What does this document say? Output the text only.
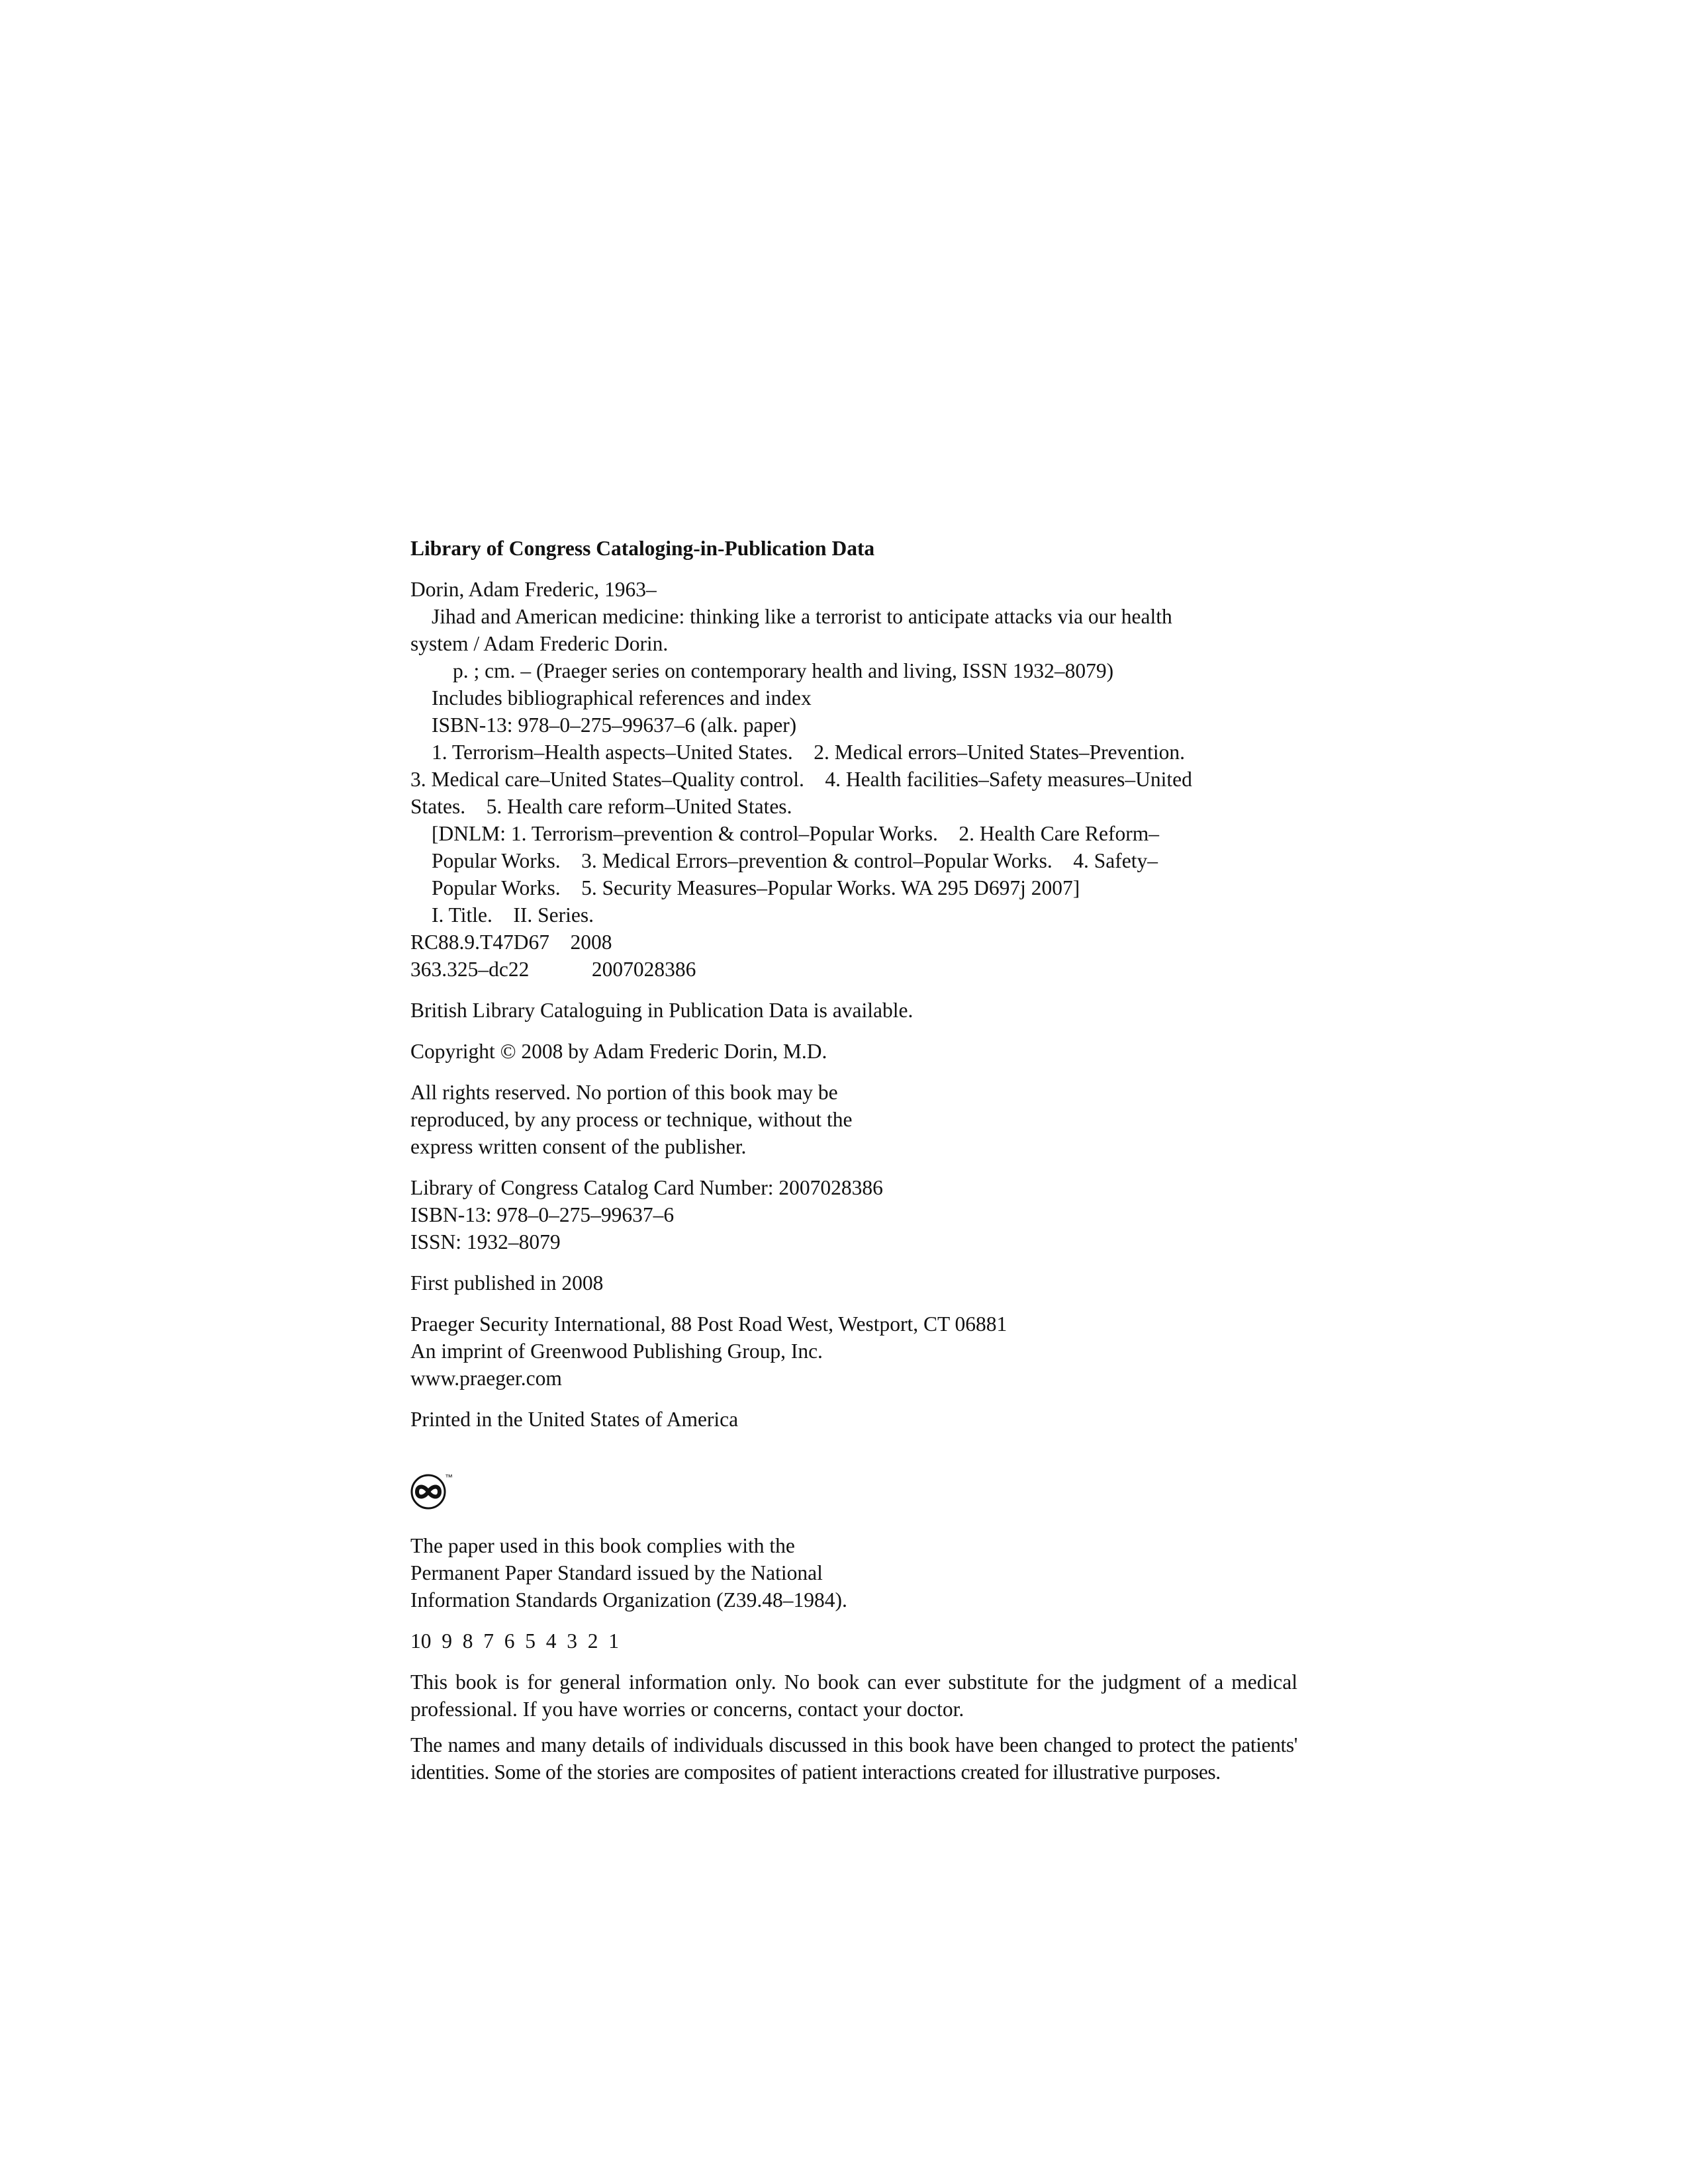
Library of Congress Cataloging-in-Publication Data
Dorin, Adam Frederic, 1963–
Jihad and American medicine: thinking like a terrorist to anticipate attacks via our health
system / Adam Frederic Dorin.
p. ; cm. – (Praeger series on contemporary health and living, ISSN 1932–8079)
Includes bibliographical references and index
ISBN-13: 978–0–275–99637–6 (alk. paper)
1. Terrorism–Health aspects–United States.    2. Medical errors–United States–Prevention.
3. Medical care–United States–Quality control.    4. Health facilities–Safety measures–United
States.    5. Health care reform–United States.
[DNLM: 1. Terrorism–prevention & control–Popular Works.    2. Health Care Reform–
Popular Works.    3. Medical Errors–prevention & control–Popular Works.    4. Safety–
Popular Works.    5. Security Measures–Popular Works. WA 295 D697j 2007]
I. Title.    II. Series.
RC88.9.T47D67    2008
363.325–dc22            2007028386
British Library Cataloguing in Publication Data is available.
Copyright © 2008 by Adam Frederic Dorin, M.D.
All rights reserved. No portion of this book may be
reproduced, by any process or technique, without the
express written consent of the publisher.
Library of Congress Catalog Card Number: 2007028386
ISBN-13: 978–0–275–99637–6
ISSN: 1932–8079
First published in 2008
Praeger Security International, 88 Post Road West, Westport, CT 06881
An imprint of Greenwood Publishing Group, Inc.
www.praeger.com
Printed in the United States of America
™
The paper used in this book complies with the
Permanent Paper Standard issued by the National
Information Standards Organization (Z39.48–1984).
10  9  8  7  6  5  4  3  2  1
This book is for general information only. No book can ever substitute for the judgment of a medical professional. If you have worries or concerns, contact your doctor.
The names and many details of individuals discussed in this book have been changed to protect the patients' identities. Some of the stories are composites of patient interactions created for illustrative purposes.
